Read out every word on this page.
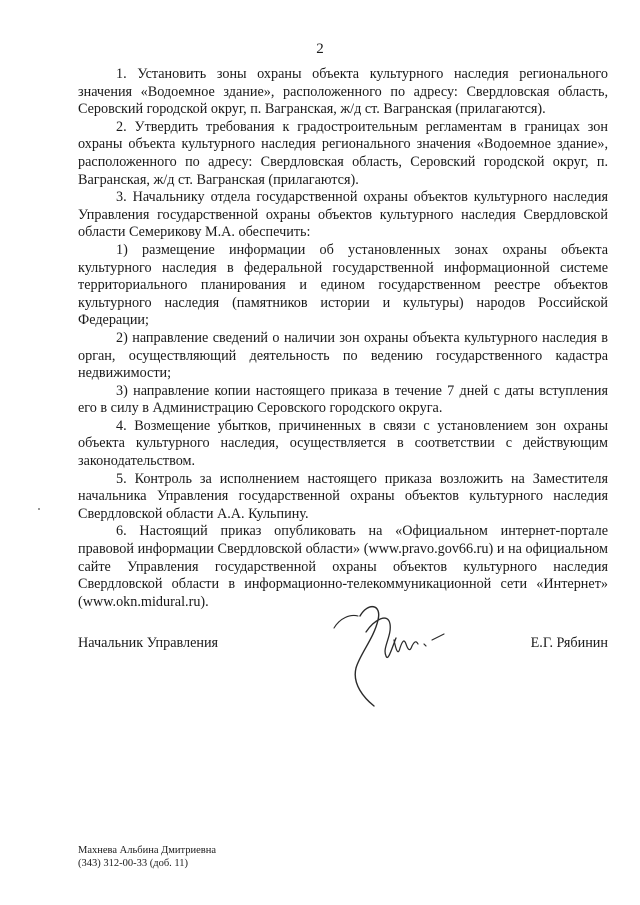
2

1. Установить зоны охраны объекта культурного наследия регионального значения «Водоемное здание», расположенного по адресу: Свердловская область, Серовский городской округ, п. Вагранская, ж/д ст. Вагранская (прилагаются).

2. Утвердить требования к градостроительным регламентам в границах зон охраны объекта культурного наследия регионального значения «Водоемное здание», расположенного по адресу: Свердловская область, Серовский городской округ, п. Вагранская, ж/д ст. Вагранская (прилагаются).

3. Начальнику отдела государственной охраны объектов культурного наследия Управления государственной охраны объектов культурного наследия Свердловской области Семерикову М.А. обеспечить:

1) размещение информации об установленных зонах охраны объекта культурного наследия в федеральной государственной информационной системе территориального планирования и едином государственном реестре объектов культурного наследия (памятников истории и культуры) народов Российской Федерации;

2) направление сведений о наличии зон охраны объекта культурного наследия в орган, осуществляющий деятельность по ведению государственного кадастра недвижимости;

3) направление копии настоящего приказа в течение 7 дней с даты вступления его в силу в Администрацию Серовского городского округа.

4. Возмещение убытков, причиненных в связи с установлением зон охраны объекта культурного наследия, осуществляется в соответствии с действующим законодательством.

5. Контроль за исполнением настоящего приказа возложить на Заместителя начальника Управления государственной охраны объектов культурного наследия Свердловской области А.А. Кульпину.

6. Настоящий приказ опубликовать на «Официальном интернет-портале правовой информации Свердловской области» (www.pravo.gov66.ru) и на официальном сайте Управления государственной охраны объектов культурного наследия Свердловской области в информационно-телекоммуникационной сети «Интернет» (www.okn.midural.ru).

Начальник Управления	Е.Г. Рябинин
Махнева Альбина Дмитриевна
(343) 312-00-33 (доб. 11)
